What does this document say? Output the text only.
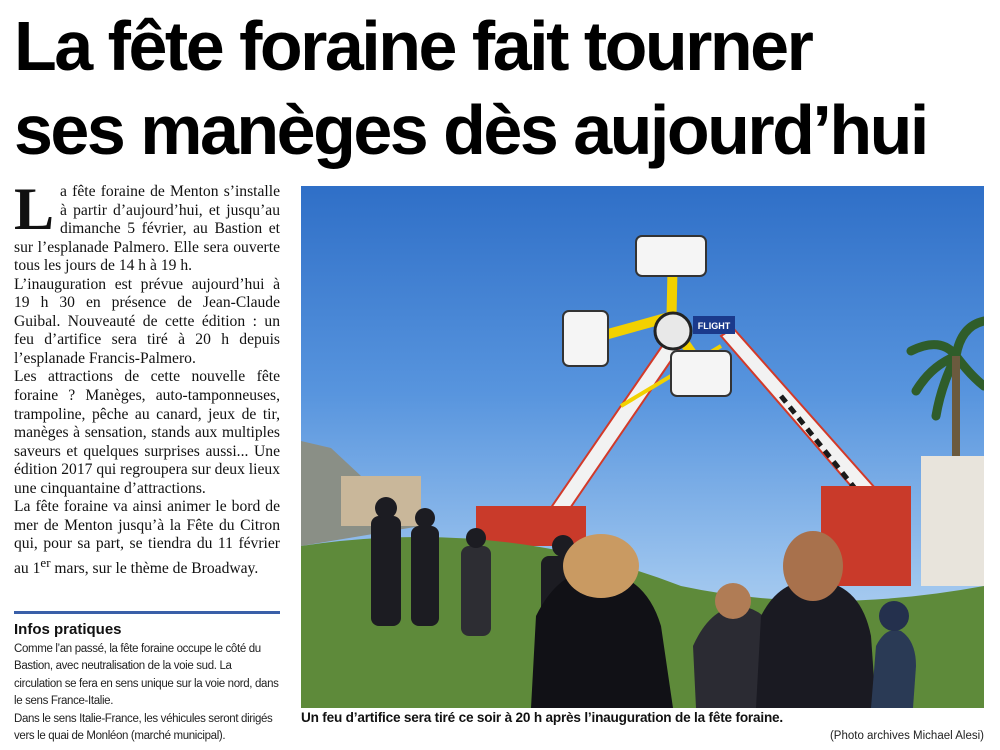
La fête foraine fait tourner
ses manèges dès aujourd’hui

La fête foraine de Menton s’installe à partir d’aujourd’hui, et jusqu’au dimanche 5 février, au Bastion et sur l’esplanade Palmero. Elle sera ouverte tous les jours de 14 h à 19 h.

L’inauguration est prévue aujourd’hui à 19 h 30 en présence de Jean-Claude Guibal. Nouveauté de cette édition : un feu d’artifice sera tiré à 20 h depuis l’esplanade Francis-Palmero.

Les attractions de cette nouvelle fête foraine ? Manèges, auto-tamponneuses, trampoline, pêche au canard, jeux de tir, manèges à sensation, stands aux multiples saveurs et quelques surprises aussi... Une édition 2017 qui regroupera sur deux lieux une cinquantaine d’attractions.

La fête foraine va ainsi animer le bord de mer de Menton jusqu’à la Fête du Citron qui, pour sa part, se tiendra du 11 février au 1er mars, sur le thème de Broadway.

Infos pratiques

Comme l’an passé, la fête foraine occupe le côté du Bastion, avec neutralisation de la voie sud. La circulation se fera en sens unique sur la voie nord, dans le sens France-Italie.

Dans le sens Italie-France, les véhicules seront dirigés vers le quai de Monléon (marché municipal).

FLIGHT

Un feu d’artifice sera tiré ce soir à 20 h après l’inauguration de la fête foraine.

(Photo archives Michael Alesi)
